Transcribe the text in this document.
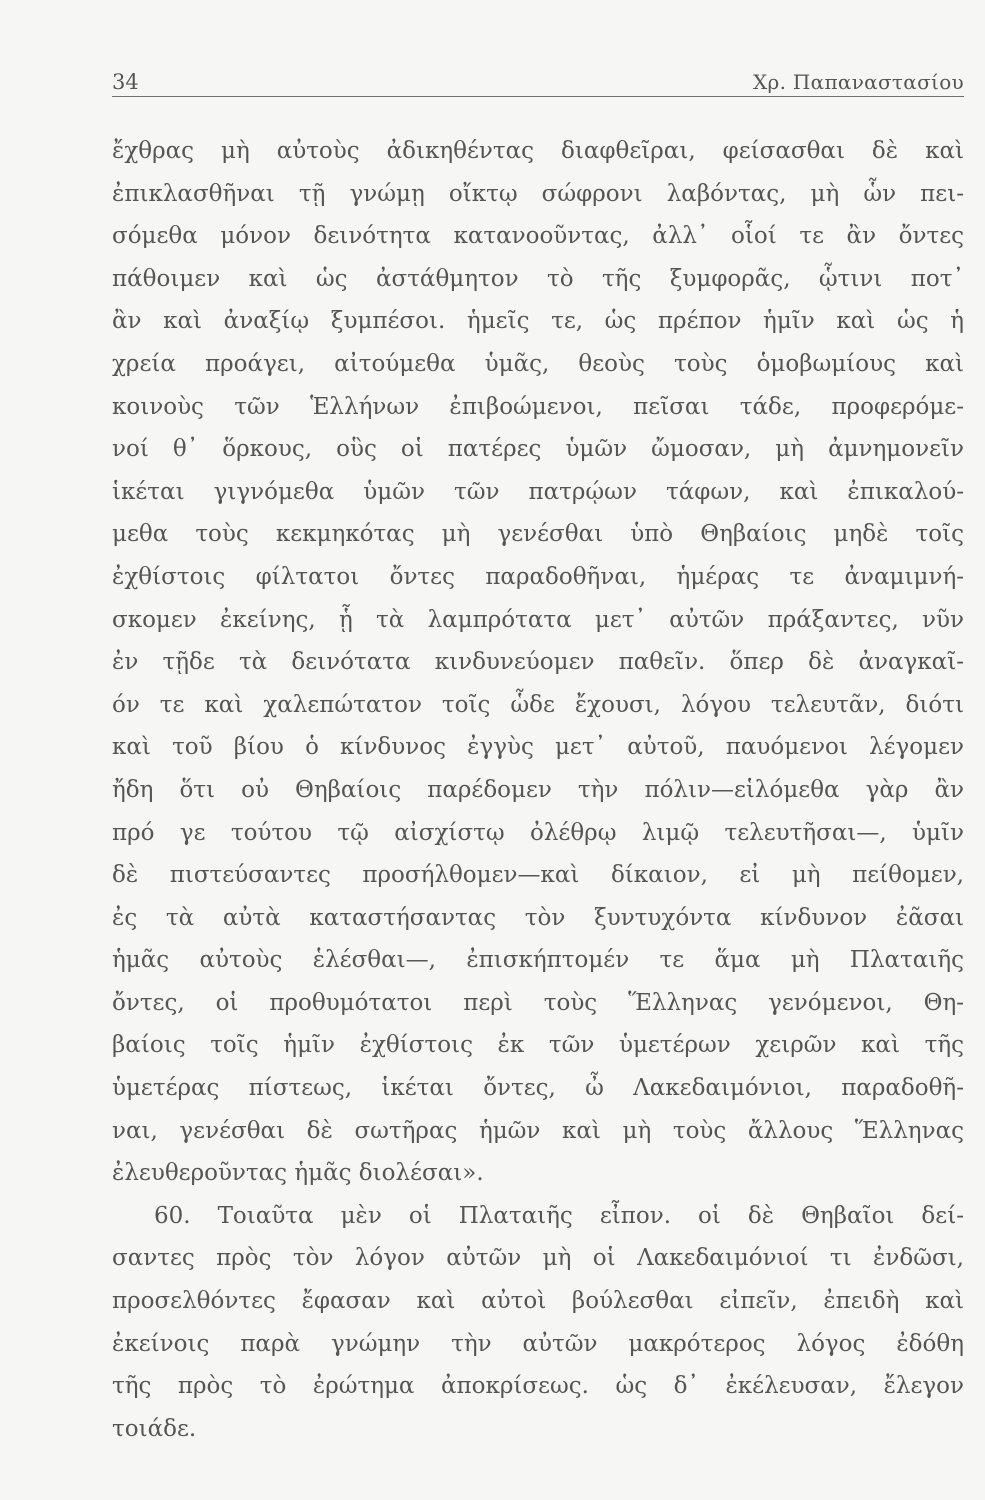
34	Χρ. Παπαναστασίου
ἔχθρας μὴ αὐτοὺς ἀδικηθέντας διαφθεῖραι, φείσασθαι δὲ καὶ
ἐπικλασθῆναι τῇ γνώμῃ οἴκτῳ σώφρονι λαβόντας, μὴ ὧν πει-
σόμεθα μόνον δεινότητα κατανοοῦντας, ἀλλ᾽ οἷοί τε ἂν ὄντες
πάθοιμεν καὶ ὡς ἀστάθμητον τὸ τῆς ξυμφορᾶς, ᾧτινι ποτ᾽
ἂν καὶ ἀναξίῳ ξυμπέσοι. ἡμεῖς τε, ὡς πρέπον ἡμῖν καὶ ὡς ἡ
χρεία προάγει, αἰτούμεθα ὑμᾶς, θεοὺς τοὺς ὁμοβωμίους καὶ
κοινοὺς τῶν Ἑλλήνων ἐπιβοώμενοι, πεῖσαι τάδε, προφερόμε-
νοί θ᾽ ὅρκους, οὓς οἱ πατέρες ὑμῶν ὤμοσαν, μὴ ἀμνημονεῖν
ἱκέται γιγνόμεθα ὑμῶν τῶν πατρῴων τάφων, καὶ ἐπικαλού-
μεθα τοὺς κεκμηκότας μὴ γενέσθαι ὑπὸ Θηβαίοις μηδὲ τοῖς
ἐχθίστοις φίλτατοι ὄντες παραδοθῆναι, ἡμέρας τε ἀναμιμνή-
σκομεν ἐκείνης, ᾗ τὰ λαμπρότατα μετ᾽ αὐτῶν πράξαντες, νῦν
ἐν τῇδε τὰ δεινότατα κινδυνεύομεν παθεῖν. ὅπερ δὲ ἀναγκαῖ-
όν τε καὶ χαλεπώτατον τοῖς ὧδε ἔχουσι, λόγου τελευτᾶν, διότι
καὶ τοῦ βίου ὁ κίνδυνος ἐγγὺς μετ᾽ αὐτοῦ, παυόμενοι λέγομεν
ἤδη ὅτι οὐ Θηβαίοις παρέδομεν τὴν πόλιν—εἱλόμεθα γὰρ ἂν
πρό γε τούτου τῷ αἰσχίστῳ ὀλέθρῳ λιμῷ τελευτῆσαι—, ὑμῖν
δὲ πιστεύσαντες προσήλθομεν—καὶ δίκαιον, εἰ μὴ πείθομεν,
ἐς τὰ αὐτὰ καταστήσαντας τὸν ξυντυχόντα κίνδυνον ἐᾶσαι
ἡμᾶς αὐτοὺς ἑλέσθαι—, ἐπισκήπτομέν τε ἅμα μὴ Πλαταιῆς
ὄντες, οἱ προθυμότατοι περὶ τοὺς Ἕλληνας γενόμενοι, Θη-
βαίοις τοῖς ἡμῖν ἐχθίστοις ἐκ τῶν ὑμετέρων χειρῶν καὶ τῆς
ὑμετέρας πίστεως, ἱκέται ὄντες, ὦ Λακεδαιμόνιοι, παραδοθῆ-
ναι, γενέσθαι δὲ σωτῆρας ἡμῶν καὶ μὴ τοὺς ἄλλους Ἕλληνας
ἐλευθεροῦντας ἡμᾶς διολέσαι».
60. Τοιαῦτα μὲν οἱ Πλαταιῆς εἶπον. οἱ δὲ Θηβαῖοι δεί-
σαντες πρὸς τὸν λόγον αὐτῶν μὴ οἱ Λακεδαιμόνιοί τι ἐνδῶσι,
προσελθόντες ἔφασαν καὶ αὐτοὶ βούλεσθαι εἰπεῖν, ἐπειδὴ καὶ
ἐκείνοις παρὰ γνώμην τὴν αὐτῶν μακρότερος λόγος ἐδόθη
τῆς πρὸς τὸ ἐρώτημα ἀποκρίσεως. ὡς δ᾽ ἐκέλευσαν, ἔλεγον
τοιάδε.
